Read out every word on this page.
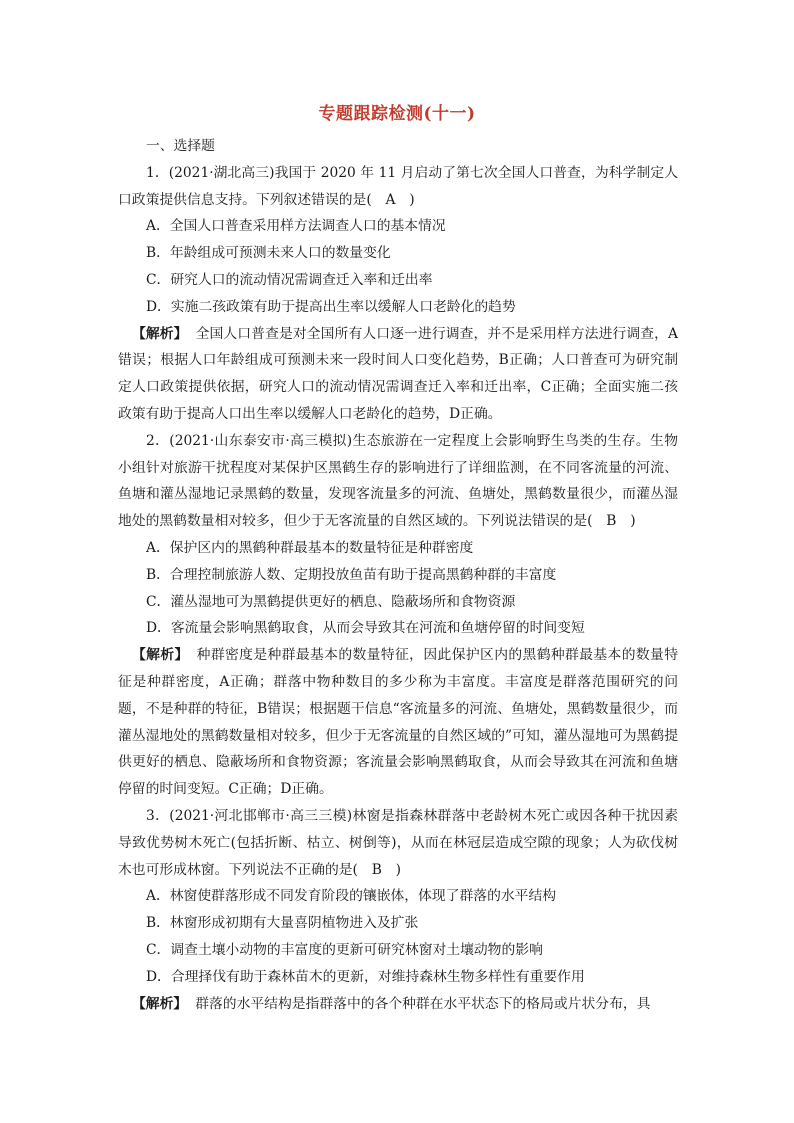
专题跟踪检测(十一)

一、选择题

1．(2021·湖北高三)我国于 2020 年 11 月启动了第七次全国人口普查，为科学制定人口政策提供信息支持。下列叙述错误的是(　A　)

A．全国人口普查采用样方法调查人口的基本情况

B．年龄组成可预测未来人口的数量变化

C．研究人口的流动情况需调查迁入率和迁出率

D．实施二孩政策有助于提高出生率以缓解人口老龄化的趋势

【解析】 全国人口普查是对全国所有人口逐一进行调查，并不是采用样方法进行调查，A错误；根据人口年龄组成可预测未来一段时间人口变化趋势，B正确；人口普查可为研究制定人口政策提供依据，研究人口的流动情况需调查迁入率和迁出率，C正确；全面实施二孩政策有助于提高人口出生率以缓解人口老龄化的趋势，D正确。

2．(2021·山东泰安市·高三模拟)生态旅游在一定程度上会影响野生鸟类的生存。生物小组针对旅游干扰程度对某保护区黑鹤生存的影响进行了详细监测，在不同客流量的河流、鱼塘和灌丛湿地记录黑鹤的数量，发现客流量多的河流、鱼塘处，黑鹤数量很少，而灌丛湿地处的黑鹤数量相对较多，但少于无客流量的自然区域的。下列说法错误的是(　B　)

A．保护区内的黑鹤种群最基本的数量特征是种群密度

B．合理控制旅游人数、定期投放鱼苗有助于提高黑鹤种群的丰富度

C．灌丛湿地可为黑鹤提供更好的栖息、隐蔽场所和食物资源

D．客流量会影响黑鹤取食，从而会导致其在河流和鱼塘停留的时间变短

【解析】 种群密度是种群最基本的数量特征，因此保护区内的黑鹤种群最基本的数量特征是种群密度，A正确；群落中物种数目的多少称为丰富度。丰富度是群落范围研究的问题，不是种群的特征，B错误；根据题干信息“客流量多的河流、鱼塘处，黑鹤数量很少，而灌丛湿地处的黑鹤数量相对较多，但少于无客流量的自然区域的”可知，灌丛湿地可为黑鹤提供更好的栖息、隐蔽场所和食物资源；客流量会影响黑鹤取食，从而会导致其在河流和鱼塘停留的时间变短。C正确；D正确。

3．(2021·河北邯郸市·高三三模)林窗是指森林群落中老龄树木死亡或因各种干扰因素导致优势树木死亡(包括折断、枯立、树倒等)，从而在林冠层造成空隙的现象；人为砍伐树木也可形成林窗。下列说法不正确的是(　B　)

A．林窗使群落形成不同发育阶段的镶嵌体，体现了群落的水平结构

B．林窗形成初期有大量喜阴植物进入及扩张

C．调查土壤小动物的丰富度的更新可研究林窗对土壤动物的影响

D．合理择伐有助于森林苗木的更新，对维持森林生物多样性有重要作用

【解析】 群落的水平结构是指群落中的各个种群在水平状态下的格局或片状分布，具
